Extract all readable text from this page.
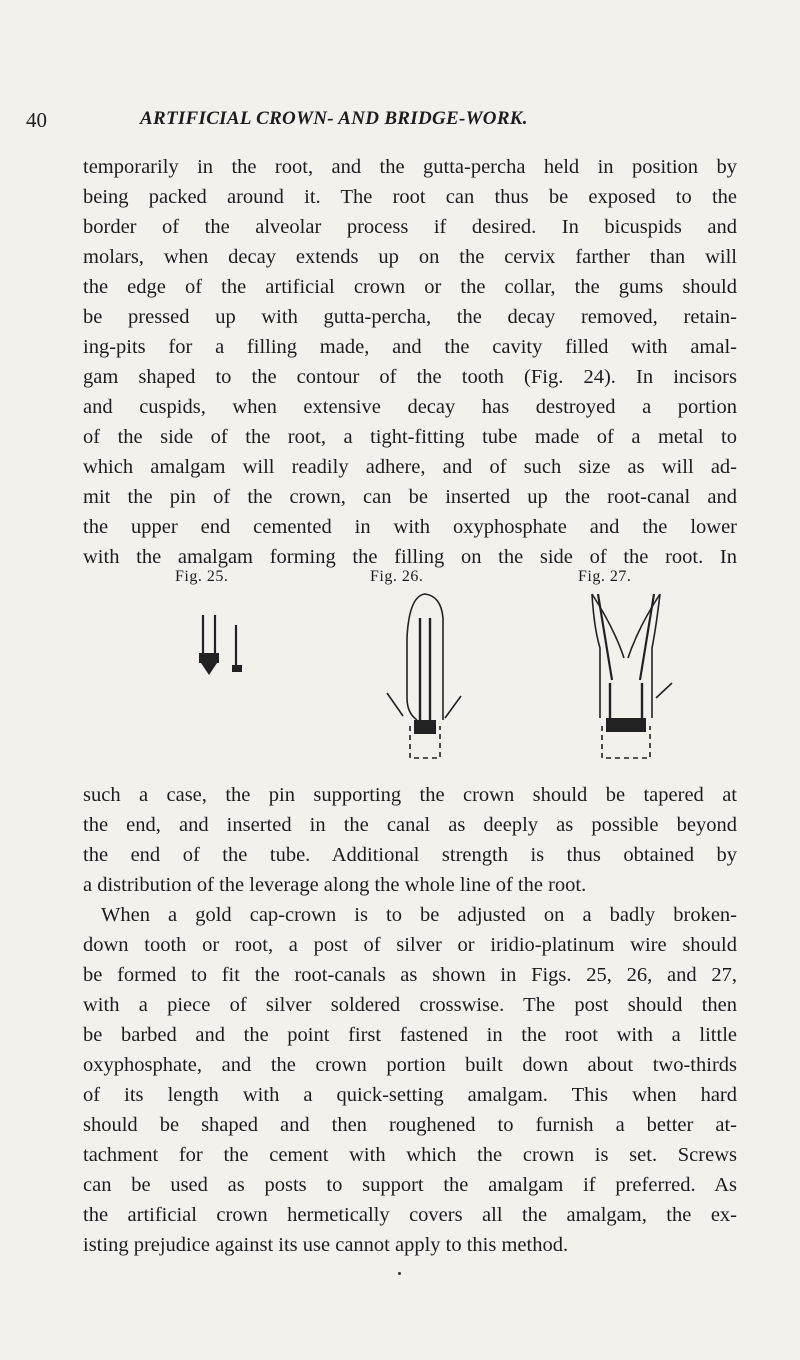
40	ARTIFICIAL CROWN- AND BRIDGE-WORK.
temporarily in the root, and the gutta-percha held in position by
being packed around it. The root can thus be exposed to the
border of the alveolar process if desired. In bicuspids and
molars, when decay extends up on the cervix farther than will
the edge of the artificial crown or the collar, the gums should
be pressed up with gutta-percha, the decay removed, retain-
ing-pits for a filling made, and the cavity filled with amal-
gam shaped to the contour of the tooth (Fig. 24). In incisors
and cuspids, when extensive decay has destroyed a portion
of the side of the root, a tight-fitting tube made of a metal to
which amalgam will readily adhere, and of such size as will ad-
mit the pin of the crown, can be inserted up the root-canal and
the upper end cemented in with oxyphosphate and the lower
with the amalgam forming the filling on the side of the root. In
Fig. 25.	Fig. 26.	Fig. 27.
such a case, the pin supporting the crown should be tapered at
the end, and inserted in the canal as deeply as possible beyond
the end of the tube. Additional strength is thus obtained by
a distribution of the leverage along the whole line of the root.
When a gold cap-crown is to be adjusted on a badly broken-
down tooth or root, a post of silver or iridio-platinum wire should
be formed to fit the root-canals as shown in Figs. 25, 26, and 27,
with a piece of silver soldered crosswise. The post should then
be barbed and the point first fastened in the root with a little
oxyphosphate, and the crown portion built down about two-thirds
of its length with a quick-setting amalgam. This when hard
should be shaped and then roughened to furnish a better at-
tachment for the cement with which the crown is set. Screws
can be used as posts to support the amalgam if preferred. As
the artificial crown hermetically covers all the amalgam, the ex-
isting prejudice against its use cannot apply to this method.
